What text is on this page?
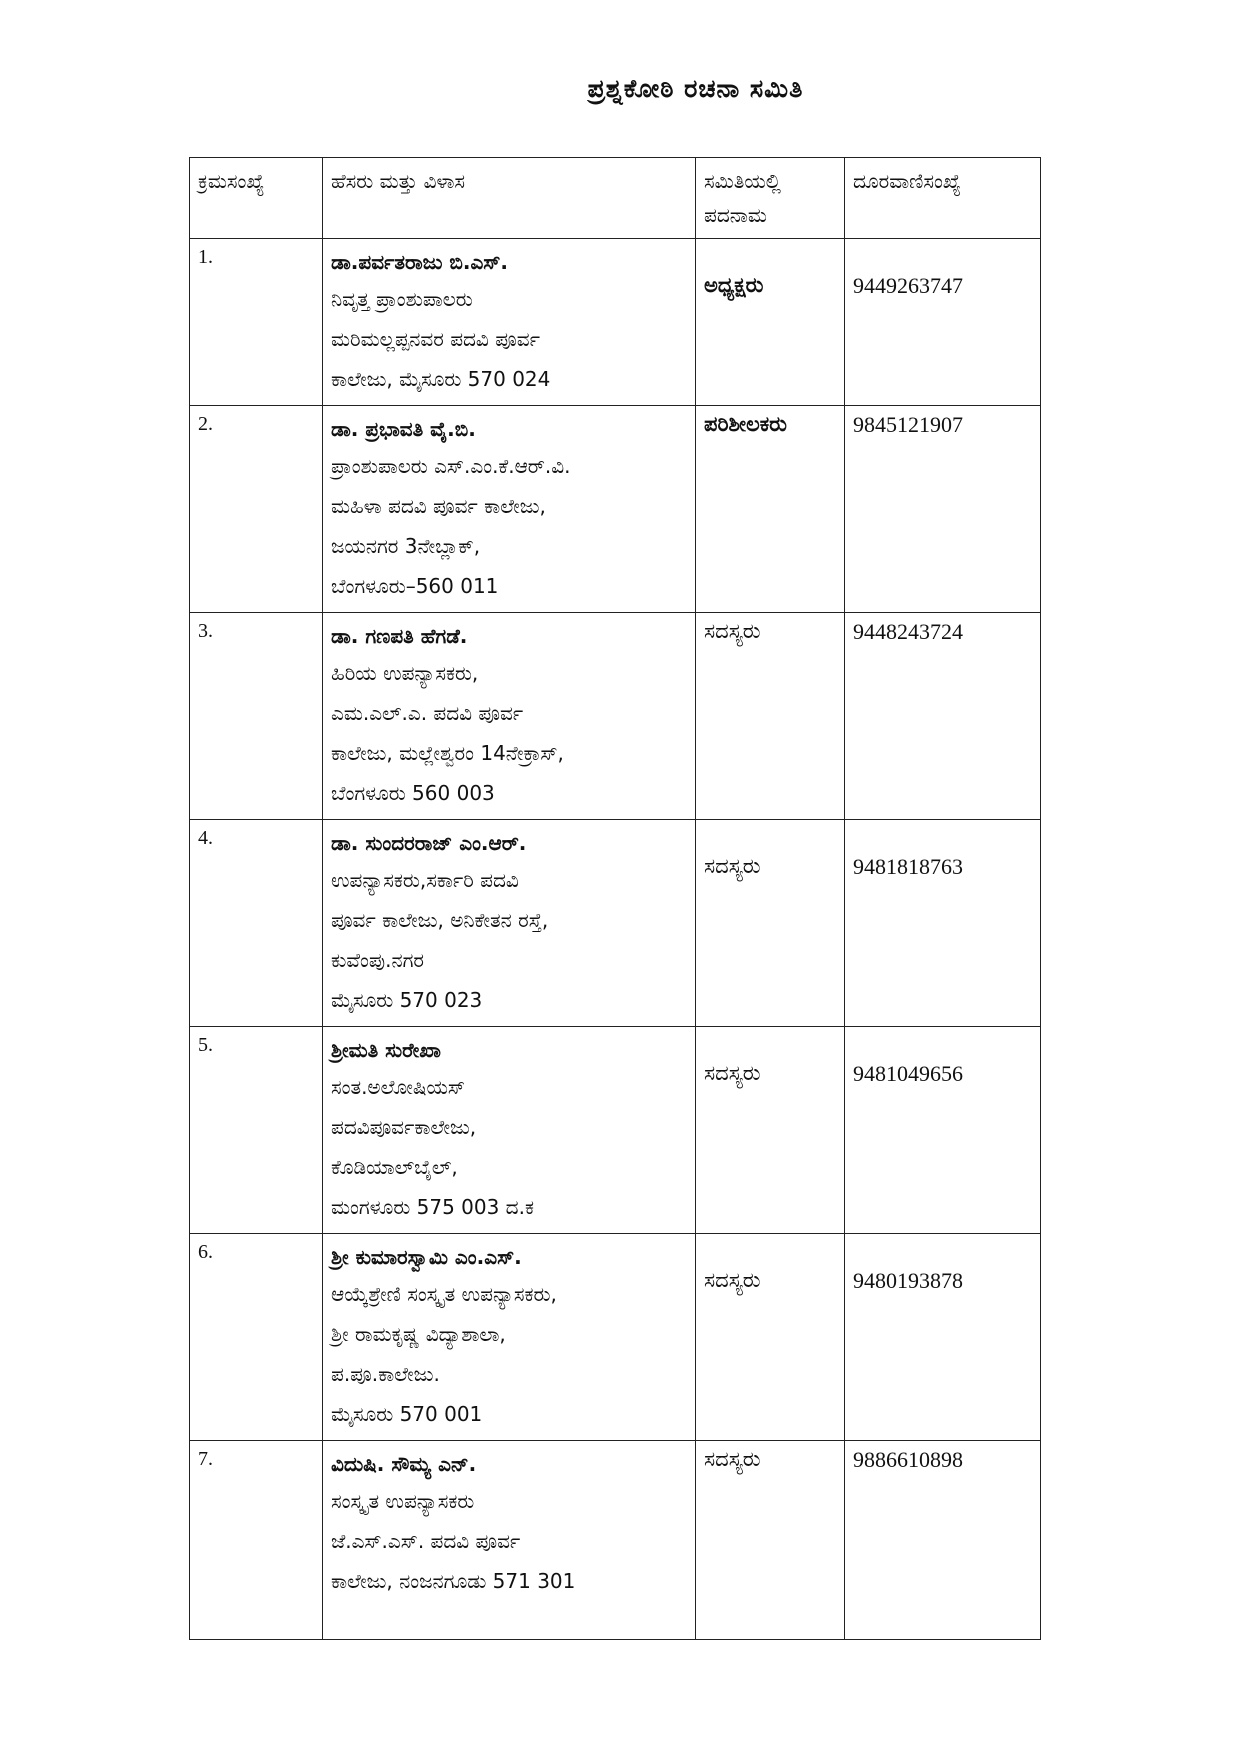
ಪ್ರಶ್ನಕೋಠಿ ರಚನಾ ಸಮಿತಿ
ಕ್ರಮಸಂಖ್ಯೆ	ಹೆಸರು ಮತ್ತು ವಿಳಾಸ	ಸಮಿತಿಯಲ್ಲಿ
ಪದನಾಮ	ದೂರವಾಣಿಸಂಖ್ಯೆ
1.	ಡಾ.ಪರ್ವತರಾಜು ಬಿ.ಎಸ್.
ನಿವೃತ್ತ ಪ್ರಾಂಶುಪಾಲರು
ಮರಿಮಲ್ಲಪ್ಪನವರ ಪದವಿ ಪೂರ್ವ
ಕಾಲೇಜು, ಮೈಸೂರು 570 024	ಅಧ್ಯಕ್ಷರು	9449263747
2.	ಡಾ. ಪ್ರಭಾವತಿ ವೈ.ಬಿ.
ಪ್ರಾಂಶುಪಾಲರು ಎಸ್.ಎಂ.ಕೆ.ಆರ್.ವಿ.
ಮಹಿಳಾ ಪದವಿ ಪೂರ್ವ ಕಾಲೇಜು,
ಜಯನಗರ 3ನೇಬ್ಲಾಕ್,
ಬೆಂಗಳೂರು–560 011	ಪರಿಶೀಲಕರು	9845121907
3.	ಡಾ. ಗಣಪತಿ ಹೆಗಡೆ.
ಹಿರಿಯ ಉಪನ್ಯಾಸಕರು,
ಎಮ.ಎಲ್.ಎ. ಪದವಿ ಪೂರ್ವ
ಕಾಲೇಜು, ಮಲ್ಲೇಶ್ವರಂ 14ನೇಕ್ರಾಸ್,
ಬೆಂಗಳೂರು 560 003	ಸದಸ್ಯರು	9448243724
4.	ಡಾ. ಸುಂದರರಾಜ್ ಎಂ.ಆರ್.
ಉಪನ್ಯಾಸಕರು,ಸರ್ಕಾರಿ ಪದವಿ
ಪೂರ್ವ ಕಾಲೇಜು, ಅನಿಕೇತನ ರಸ್ತೆ,
ಕುವೆಂಪು.ನಗರ
ಮೈಸೂರು 570 023	ಸದಸ್ಯರು	9481818763
5.	ಶ್ರೀಮತಿ ಸುರೇಖಾ
ಸಂತ.ಅಲೋಷಿಯಸ್
ಪದವಿಪೂರ್ವಕಾಲೇಜು,
ಕೊಡಿಯಾಲ್‌ಬೈಲ್,
ಮಂಗಳೂರು 575 003 ದ.ಕ	ಸದಸ್ಯರು	9481049656
6.	ಶ್ರೀ ಕುಮಾರಸ್ವಾಮಿ ಎಂ.ಎಸ್.
ಆಯ್ಕೆಶ್ರೇಣಿ ಸಂಸ್ಕೃತ ಉಪನ್ಯಾಸಕರು,
ಶ್ರೀ ರಾಮಕೃಷ್ಣ ವಿದ್ಯಾಶಾಲಾ,
ಪ.ಪೂ.ಕಾಲೇಜು.
ಮೈಸೂರು 570 001	ಸದಸ್ಯರು	9480193878
7.	ವಿದುಷಿ. ಸೌಮ್ಯ ಎನ್.
ಸಂಸ್ಕೃತ ಉಪನ್ಯಾಸಕರು
ಜೆ.ಎಸ್.ಎಸ್. ಪದವಿ ಪೂರ್ವ
ಕಾಲೇಜು, ನಂಜನಗೂಡು 571 301	ಸದಸ್ಯರು	9886610898
